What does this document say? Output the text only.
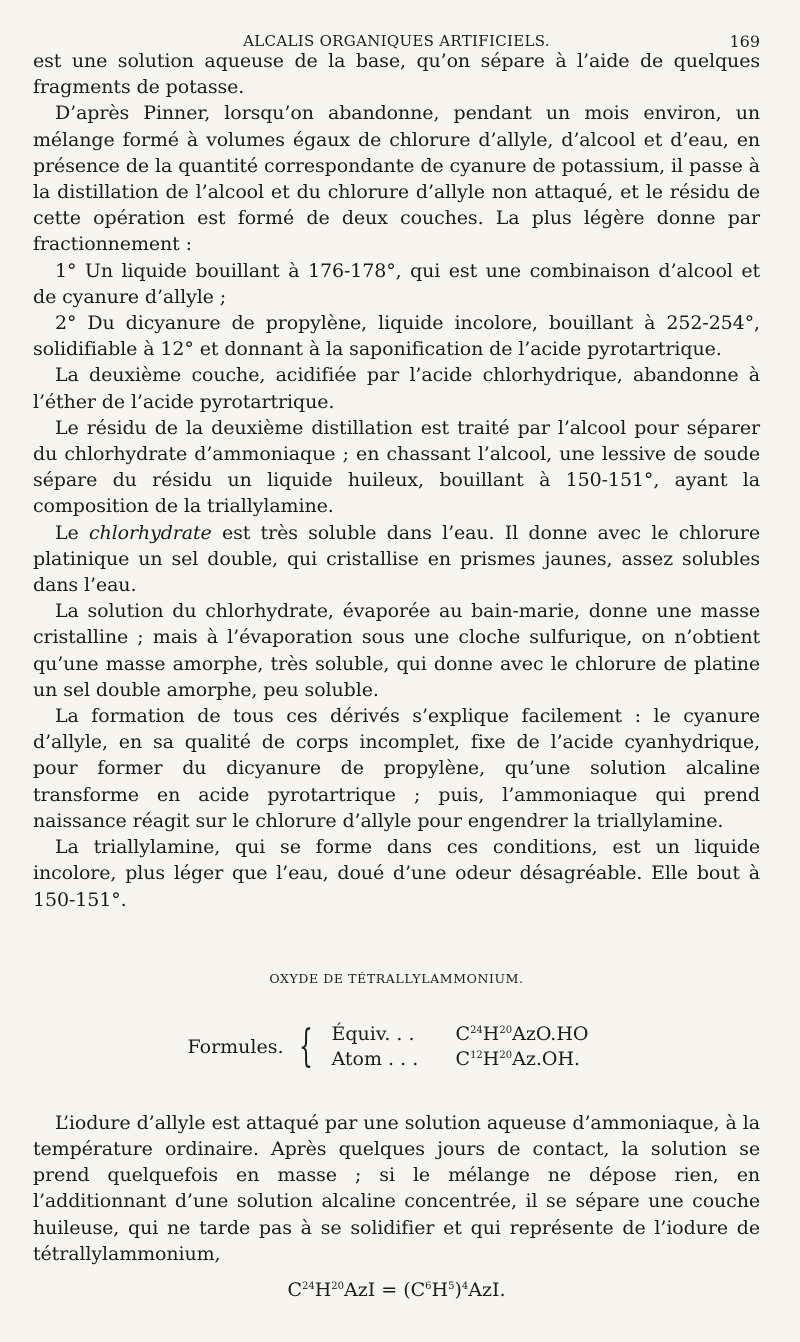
ALCALIS ORGANIQUES ARTIFICIELS.	169

est une solution aqueuse de la base, qu’on sépare à l’aide de quelques fragments de potasse.

D’après Pinner, lorsqu’on abandonne, pendant un mois environ, un mélange formé à volumes égaux de chlorure d’allyle, d’alcool et d’eau, en présence de la quantité correspondante de cyanure de potassium, il passe à la distillation de l’alcool et du chlorure d’allyle non attaqué, et le résidu de cette opération est formé de deux couches. La plus légère donne par fractionnement :

1° Un liquide bouillant à 176-178°, qui est une combinaison d’alcool et de cyanure d’allyle ;

2° Du dicyanure de propylène, liquide incolore, bouillant à 252-254°, solidifiable à 12° et donnant à la saponification de l’acide pyrotartrique.

La deuxième couche, acidifiée par l’acide chlorhydrique, abandonne à l’éther de l’acide pyrotartrique.

Le résidu de la deuxième distillation est traité par l’alcool pour séparer du chlorhydrate d’ammoniaque ; en chassant l’alcool, une lessive de soude sépare du résidu un liquide huileux, bouillant à 150-151°, ayant la composition de la triallylamine.

Le chlorhydrate est très soluble dans l’eau. Il donne avec le chlorure platinique un sel double, qui cristallise en prismes jaunes, assez solubles dans l’eau.

La solution du chlorhydrate, évaporée au bain-marie, donne une masse cristalline ; mais à l’évaporation sous une cloche sulfurique, on n’obtient qu’une masse amorphe, très soluble, qui donne avec le chlorure de platine un sel double amorphe, peu soluble.

La formation de tous ces dérivés s’explique facilement : le cyanure d’allyle, en sa qualité de corps incomplet, fixe de l’acide cyanhydrique, pour former du dicyanure de propylène, qu’une solution alcaline transforme en acide pyrotartrique ; puis, l’ammoniaque qui prend naissance réagit sur le chlorure d’allyle pour engendrer la triallylamine.

La triallylamine, qui se forme dans ces conditions, est un liquide incolore, plus léger que l’eau, doué d’une odeur désagréable. Elle bout à 150-151°.

OXYDE DE TÉTRALLYLAMMONIUM.
Formules. { Équiv. . .	$C^{24}H^{20}AzO.HO$
Atom . . .	$C^{12}H^{20}Az.OH$.

L’iodure d’allyle est attaqué par une solution aqueuse d’ammoniaque, à la température ordinaire. Après quelques jours de contact, la solution se prend quelquefois en masse ; si le mélange ne dépose rien, en l’additionnant d’une solution alcaline concentrée, il se sépare une couche huileuse, qui ne tarde pas à se solidifier et qui représente de l’iodure de tétrallylammonium,

$C^{24}H^{20}AzI = (C^6H^5)^4AzI$.
